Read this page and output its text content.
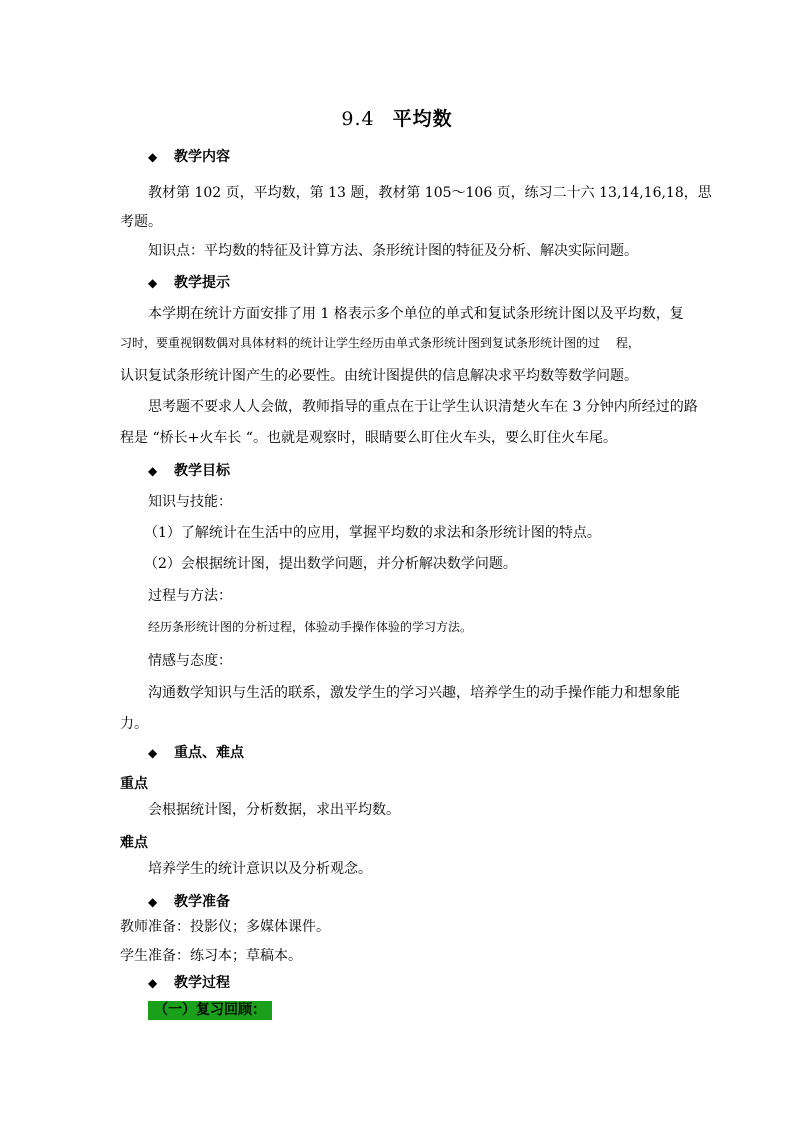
9.4 平均数
◆ 教学内容
教材第 102 页，平均数，第 13 题，教材第 105～106 页，练习二十六 13,14,16,18，思
考题。
知识点：平均数的特征及计算方法、条形统计图的特征及分析、解决实际问题。
◆ 教学提示
本学期在统计方面安排了用 1 格表示多个单位的单式和复试条形统计图以及平均数，复
习时，要重视钢数偶对具体材料的统计让学生经历由单式条形统计图到复试条形统计图的过　 程，
认识复试条形统计图产生的必要性。由统计图提供的信息解决求平均数等数学问题。
思考题不要求人人会做，教师指导的重点在于让学生认识清楚火车在 3 分钟内所经过的路
程是 “桥长+火车长 “。也就是观察时，眼睛要么盯住火车头，要么盯住火车尾。
◆ 教学目标
知识与技能：
（1）了解统计在生活中的应用，掌握平均数的求法和条形统计图的特点。
（2）会根据统计图，提出数学问题，并分析解决数学问题。
过程与方法：
经历条形统计图的分析过程，体验动手操作体验的学习方法。
情感与态度：
沟通数学知识与生活的联系，激发学生的学习兴趣，培养学生的动手操作能力和想象能
力。
◆ 重点、难点
重点
会根据统计图，分析数据，求出平均数。
难点
培养学生的统计意识以及分析观念。
◆ 教学准备
教师准备：投影仪；多媒体课件。
学生准备：练习本；草稿本。
◆ 教学过程
（一）复习回顾：
